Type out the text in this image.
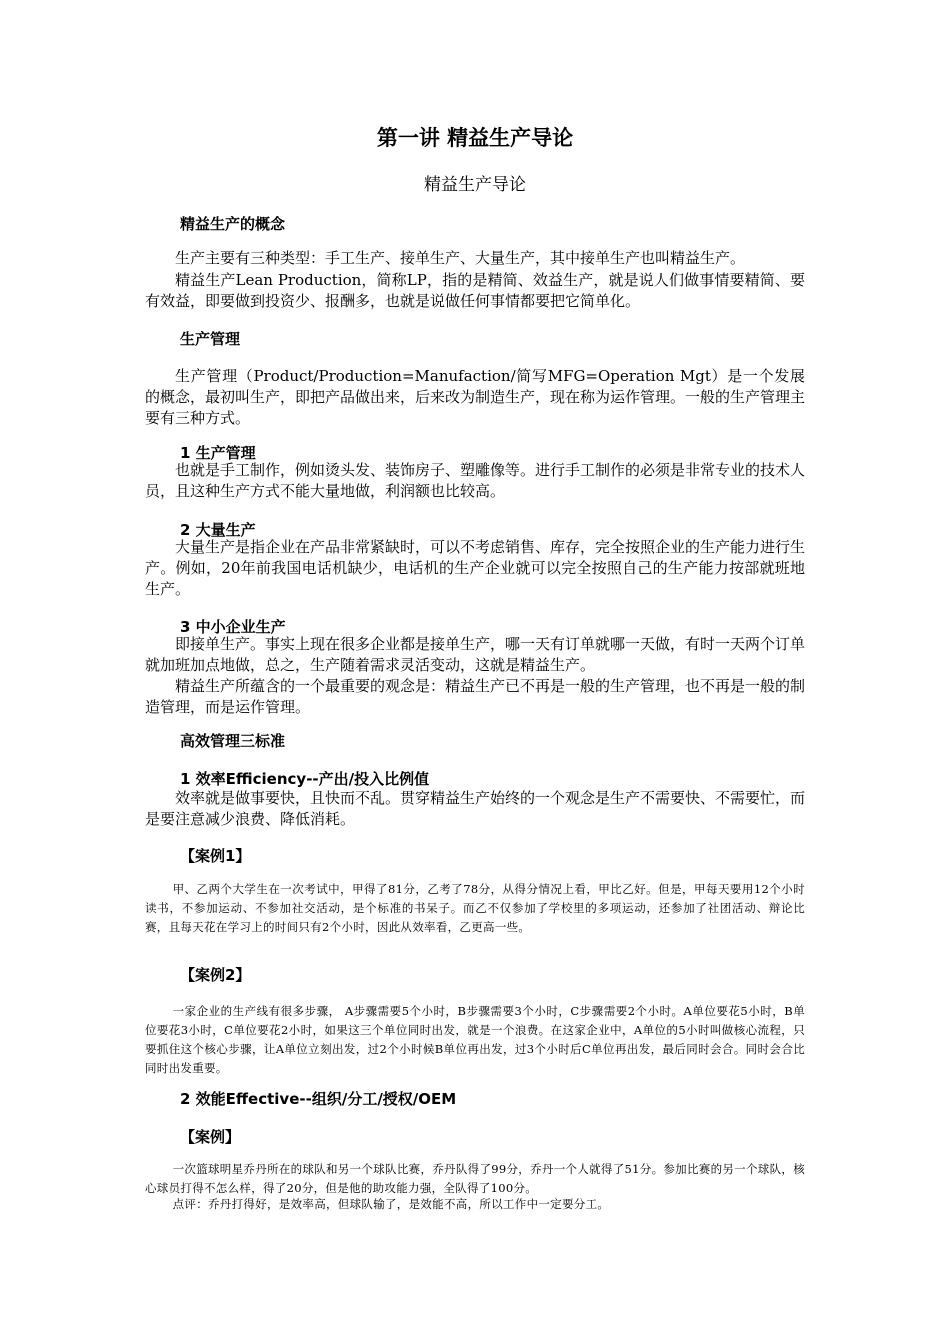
第一讲 精益生产导论
精益生产导论
精益生产的概念

生产主要有三种类型：手工生产、接单生产、大量生产，其中接单生产也叫精益生产。

精益生产Lean Production，简称LP，指的是精简、效益生产，就是说人们做事情要精简、要有效益，即要做到投资少、报酬多，也就是说做任何事情都要把它简单化。

生产管理

生产管理（Product/Production=Manufaction/简写MFG=Operation Mgt）是一个发展的概念，最初叫生产，即把产品做出来，后来改为制造生产，现在称为运作管理。一般的生产管理主要有三种方式。

1 生产管理

也就是手工制作，例如烫头发、装饰房子、塑雕像等。进行手工制作的必须是非常专业的技术人员，且这种生产方式不能大量地做，利润额也比较高。

2 大量生产

大量生产是指企业在产品非常紧缺时，可以不考虑销售、库存，完全按照企业的生产能力进行生产。例如，20年前我国电话机缺少，电话机的生产企业就可以完全按照自己的生产能力按部就班地生产。

3 中小企业生产

即接单生产。事实上现在很多企业都是接单生产，哪一天有订单就哪一天做，有时一天两个订单就加班加点地做，总之，生产随着需求灵活变动，这就是精益生产。

精益生产所蕴含的一个最重要的观念是：精益生产已不再是一般的生产管理，也不再是一般的制造管理，而是运作管理。

高效管理三标准
1 效率Efficiency--产出/投入比例值

效率就是做事要快，且快而不乱。贯穿精益生产始终的一个观念是生产不需要快、不需要忙，而是要注意减少浪费、降低消耗。

【案例1】

甲、乙两个大学生在一次考试中，甲得了81分，乙考了78分，从得分情况上看，甲比乙好。但是，甲每天要用12个小时读书，不参加运动、不参加社交活动，是个标准的书呆子。而乙不仅参加了学校里的多项运动，还参加了社团活动、辩论比赛，且每天花在学习上的时间只有2个小时，因此从效率看，乙更高一些。

【案例2】

一家企业的生产线有很多步骤， A步骤需要5个小时，B步骤需要3个小时，C步骤需要2个小时。A单位要花5小时，B单位要花3小时，C单位要花2小时，如果这三个单位同时出发，就是一个浪费。在这家企业中，A单位的5小时叫做核心流程，只要抓住这个核心步骤，让A单位立刻出发，过2个小时候B单位再出发，过3个小时后C单位再出发，最后同时会合。同时会合比同时出发重要。

2 效能Effective--组织/分工/授权/OEM
【案例】

一次篮球明星乔丹所在的球队和另一个球队比赛，乔丹队得了99分，乔丹一个人就得了51分。参加比赛的另一个球队，核心球员打得不怎么样，得了20分，但是他的助攻能力强，全队得了100分。

点评：乔丹打得好，是效率高，但球队输了，是效能不高，所以工作中一定要分工。
